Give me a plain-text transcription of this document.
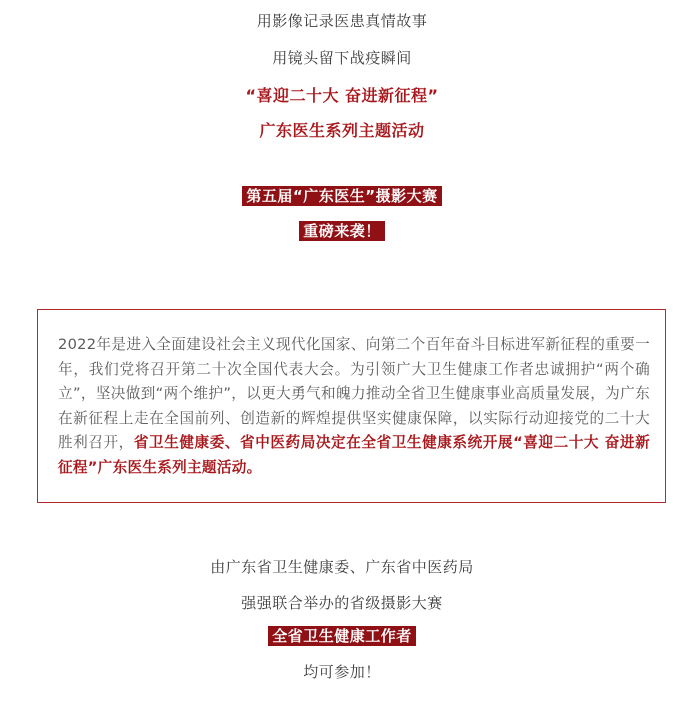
用影像记录医患真情故事
用镜头留下战疫瞬间
“喜迎二十大 奋进新征程”
广东医生系列主题活动
第五届“广东医生”摄影大赛
重磅来袭！
2022年是进入全面建设社会主义现代化国家、向第二个百年奋斗目标进军新征程的重要一年，我们党将召开第二十次全国代表大会。为引领广大卫生健康工作者忠诚拥护“两个确立”，坚决做到“两个维护”，以更大勇气和魄力推动全省卫生健康事业高质量发展，为广东在新征程上走在全国前列、创造新的辉煌提供坚实健康保障，以实际行动迎接党的二十大胜利召开，省卫生健康委、省中医药局决定在全省卫生健康系统开展“喜迎二十大 奋进新征程”广东医生系列主题活动。
由广东省卫生健康委、广东省中医药局
强强联合举办的省级摄影大赛
全省卫生健康工作者
均可参加！
